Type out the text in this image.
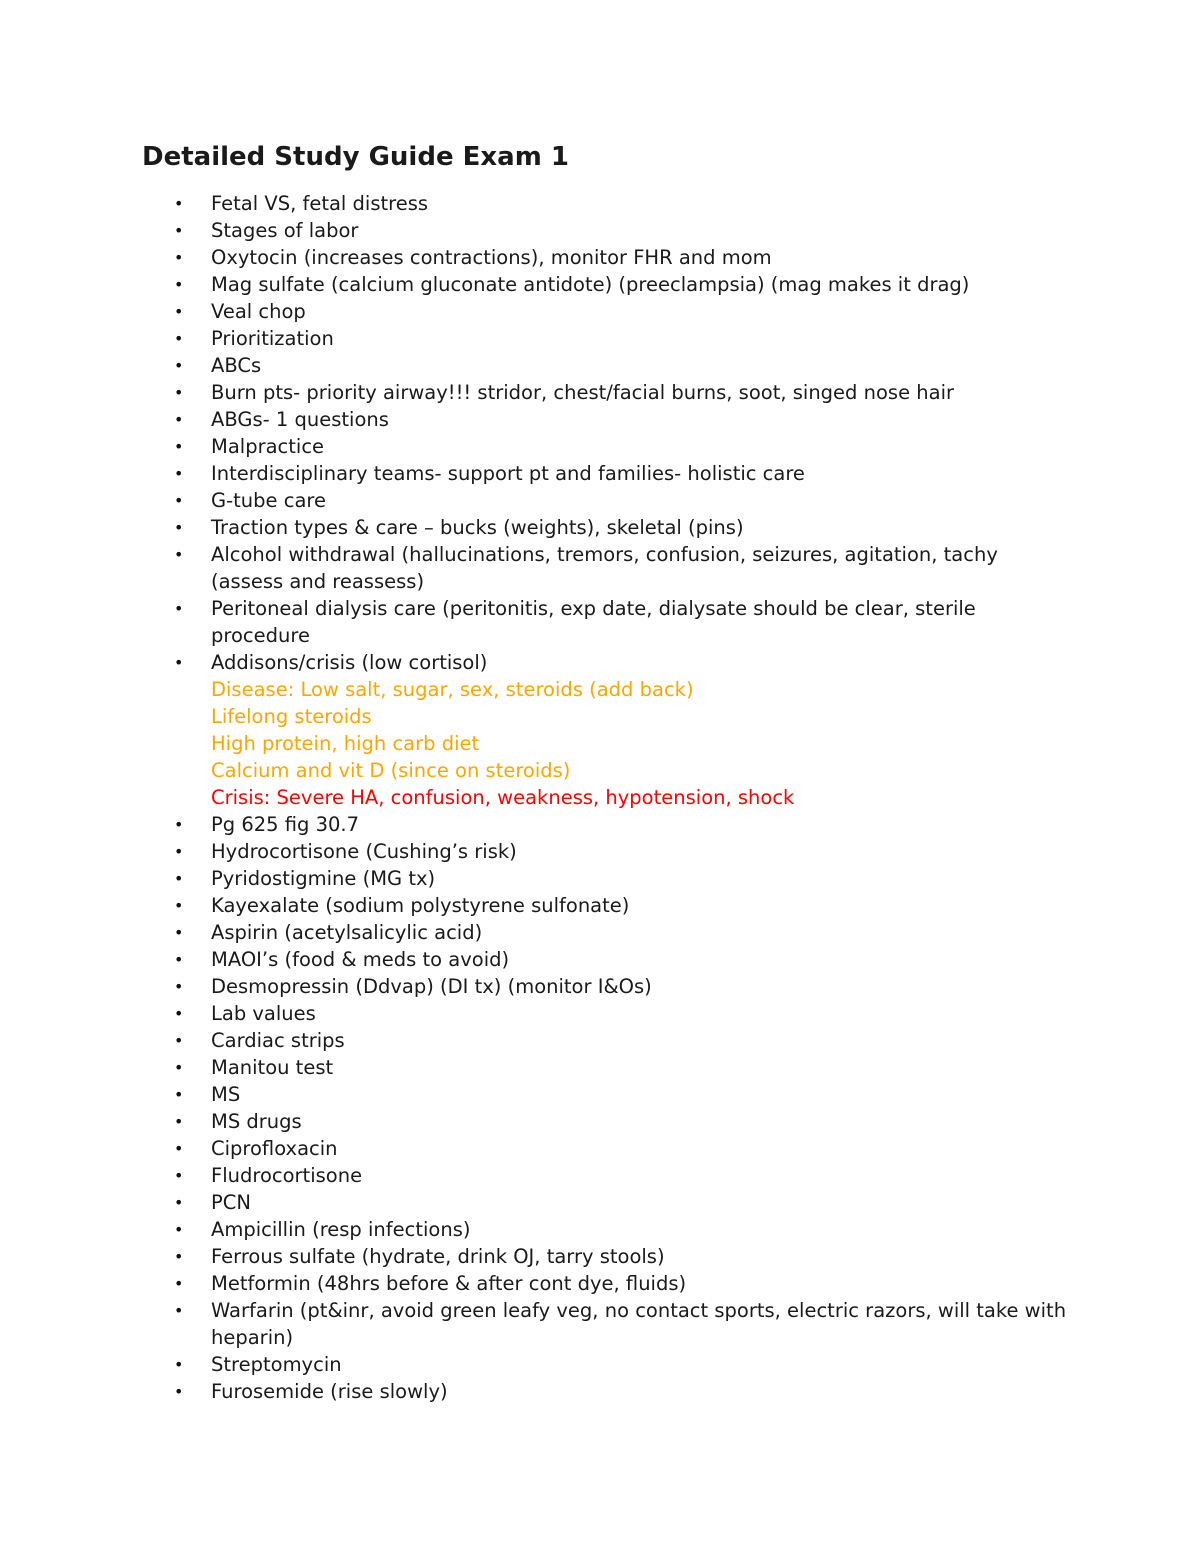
Detailed Study Guide Exam 1
• Fetal VS, fetal distress
• Stages of labor
• Oxytocin (increases contractions), monitor FHR and mom
• Mag sulfate (calcium gluconate antidote) (preeclampsia) (mag makes it drag)
• Veal chop
• Prioritization
• ABCs
• Burn pts- priority airway!!! stridor, chest/facial burns, soot, singed nose hair
• ABGs- 1 questions
• Malpractice
• Interdisciplinary teams- support pt and families- holistic care
• G-tube care
• Traction types & care – bucks (weights), skeletal (pins)
• Alcohol withdrawal (hallucinations, tremors, confusion, seizures, agitation, tachy (assess and reassess)
• Peritoneal dialysis care (peritonitis, exp date, dialysate should be clear, sterile procedure
• Addisons/crisis (low cortisol)
Disease: Low salt, sugar, sex, steroids (add back)
Lifelong steroids
High protein, high carb diet
Calcium and vit D (since on steroids)
Crisis: Severe HA, confusion, weakness, hypotension, shock
• Pg 625 fig 30.7
• Hydrocortisone (Cushing’s risk)
• Pyridostigmine (MG tx)
• Kayexalate (sodium polystyrene sulfonate)
• Aspirin (acetylsalicylic acid)
• MAOI’s (food & meds to avoid)
• Desmopressin (Ddvap) (DI tx) (monitor I&Os)
• Lab values
• Cardiac strips
• Manitou test
• MS
• MS drugs
• Ciprofloxacin
• Fludrocortisone
• PCN
• Ampicillin (resp infections)
• Ferrous sulfate (hydrate, drink OJ, tarry stools)
• Metformin (48hrs before & after cont dye, fluids)
• Warfarin (pt&inr, avoid green leafy veg, no contact sports, electric razors, will take with heparin)
• Streptomycin
• Furosemide (rise slowly)
